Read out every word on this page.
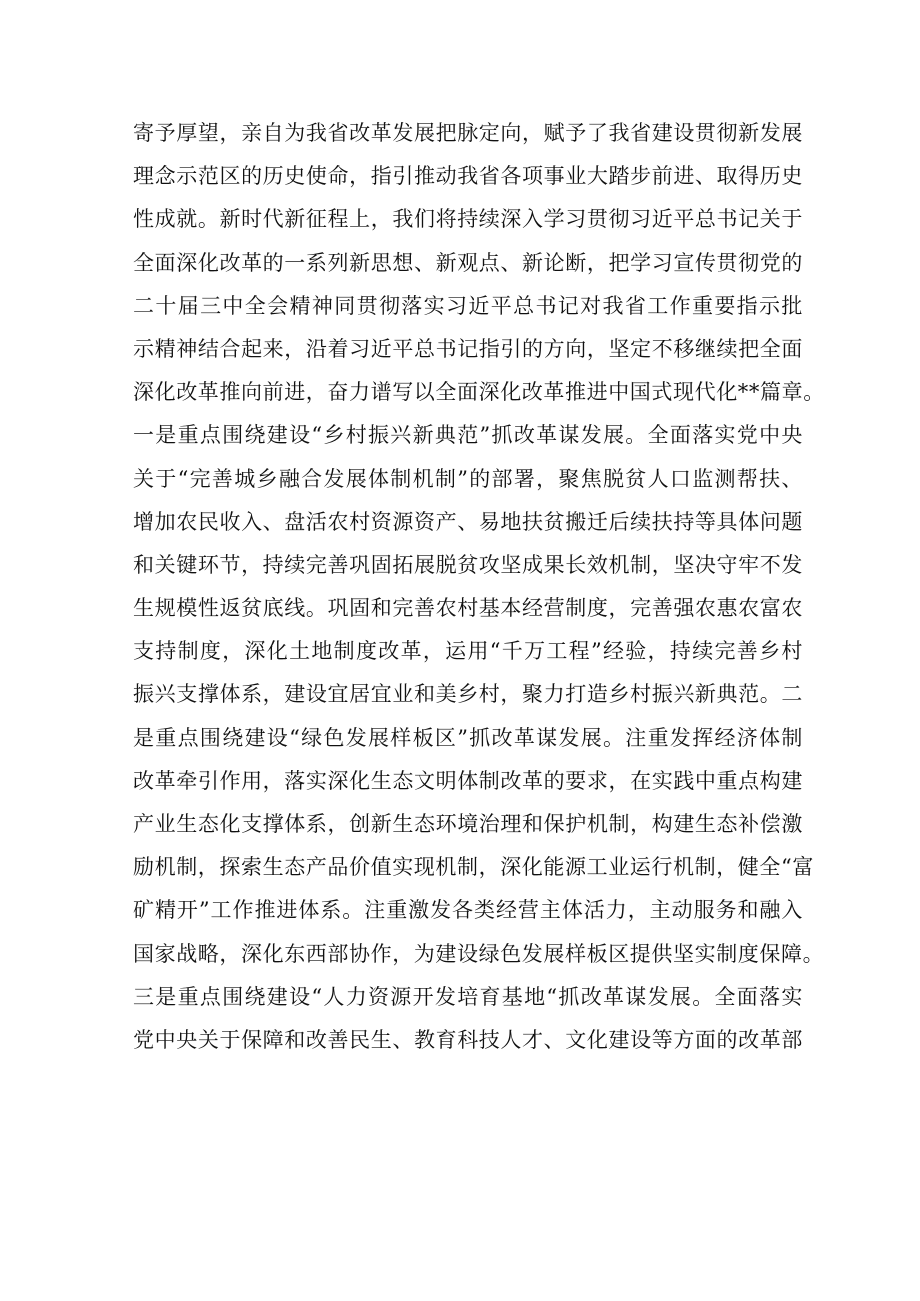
寄予厚望，亲自为我省改革发展把脉定向，赋予了我省建设贯彻新发展
理念示范区的历史使命，指引推动我省各项事业大踏步前进、取得历史
性成就。新时代新征程上，我们将持续深入学习贯彻习近平总书记关于
全面深化改革的一系列新思想、新观点、新论断，把学习宣传贯彻党的
二十届三中全会精神同贯彻落实习近平总书记对我省工作重要指示批
示精神结合起来，沿着习近平总书记指引的方向，坚定不移继续把全面
深化改革推向前进，奋力谱写以全面深化改革推进中国式现代化**篇章。
一是重点围绕建设“乡村振兴新典范”抓改革谋发展。全面落实党中央
关于“完善城乡融合发展体制机制”的部署，聚焦脱贫人口监测帮扶、
增加农民收入、盘活农村资源资产、易地扶贫搬迁后续扶持等具体问题
和关键环节，持续完善巩固拓展脱贫攻坚成果长效机制，坚决守牢不发
生规模性返贫底线。巩固和完善农村基本经营制度，完善强农惠农富农
支持制度，深化土地制度改革，运用“千万工程”经验，持续完善乡村
振兴支撑体系，建设宜居宜业和美乡村，聚力打造乡村振兴新典范。二
是重点围绕建设“绿色发展样板区”抓改革谋发展。注重发挥经济体制
改革牵引作用，落实深化生态文明体制改革的要求，在实践中重点构建
产业生态化支撑体系，创新生态环境治理和保护机制，构建生态补偿激
励机制，探索生态产品价值实现机制，深化能源工业运行机制，健全“富
矿精开”工作推进体系。注重激发各类经营主体活力，主动服务和融入
国家战略，深化东西部协作，为建设绿色发展样板区提供坚实制度保障。
三是重点围绕建设“人力资源开发培育基地“抓改革谋发展。全面落实
党中央关于保障和改善民生、教育科技人才、文化建设等方面的改革部
